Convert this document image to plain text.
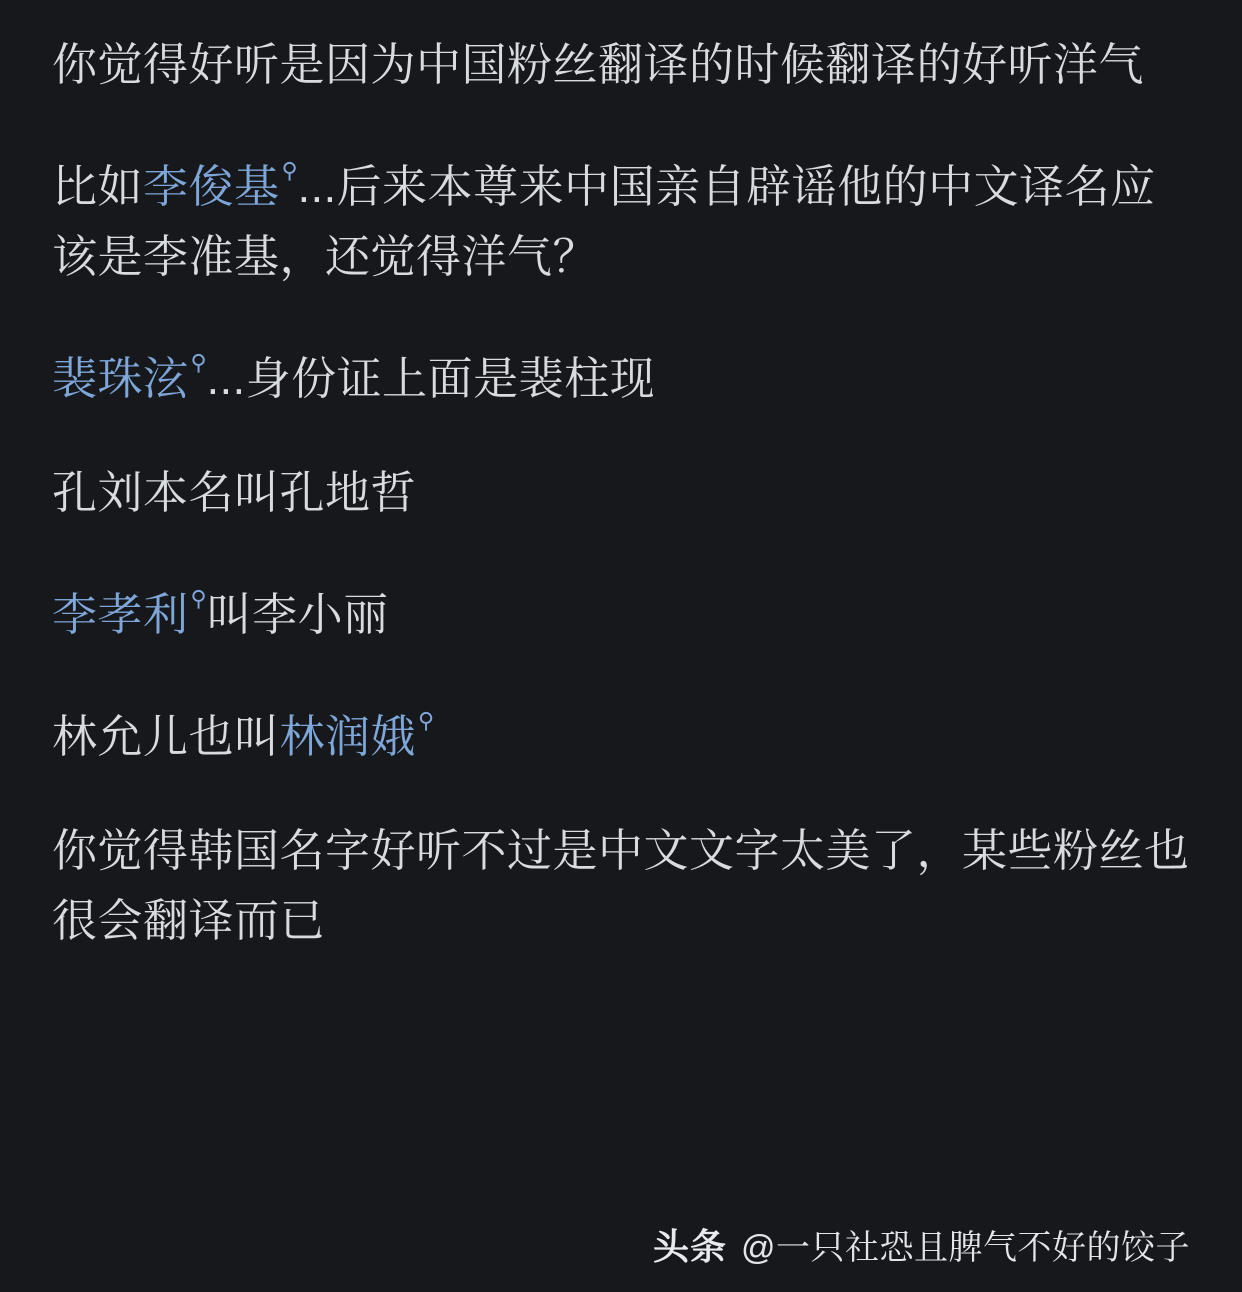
你觉得好听是因为中国粉丝翻译的时候翻译的好听洋气

比如李俊基⚲...后来本尊来中国亲自辟谣他的中文译名应该是李准基，还觉得洋气？

裴珠泫⚲...身份证上面是裴柱现

孔刘本名叫孔地哲

李孝利⚲叫李小丽

林允儿也叫林润娥⚲

你觉得韩国名字好听不过是中文文字太美了，某些粉丝也很会翻译而已

头条 @一只社恐且脾气不好的饺子
